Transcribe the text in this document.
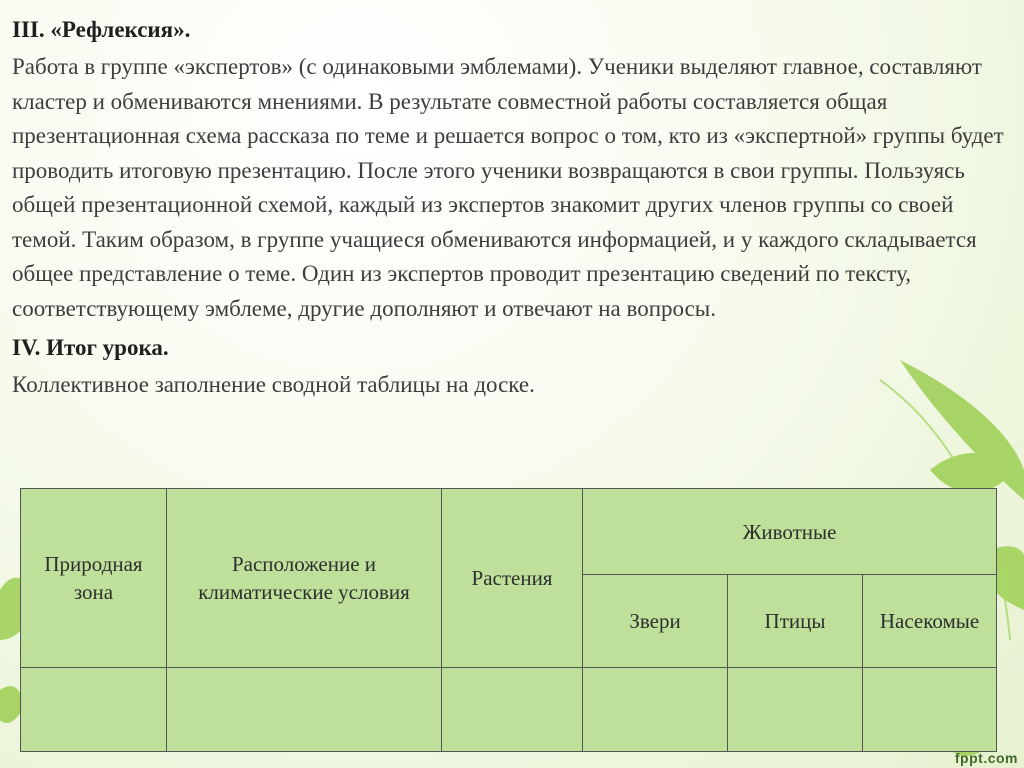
III. «Рефлексия».

Работа в группе «экспертов» (с одинаковыми эмблемами). Ученики выделяют главное, составляют кластер и обмениваются мнениями. В результате совместной работы составляется общая презентационная схема рассказа по теме и решается вопрос о том, кто из «экспертной» группы будет проводить итоговую презентацию. После этого ученики возвращаются в свои группы. Пользуясь общей презентационной схемой, каждый из экспертов знакомит других членов группы со своей темой. Таким образом, в группе учащиеся обмениваются информацией, и у каждого складывается общее представление о теме. Один из экспертов проводит презентацию сведений по тексту, соответствующему эмблеме, другие дополняют и отвечают на вопросы.

IV. Итог урока.

Коллективное заполнение сводной таблицы на доске.

Природная зона	Расположение и климатические условия	Растения	Животные		
			Звери	Птицы	Насекомые

fppt.com
